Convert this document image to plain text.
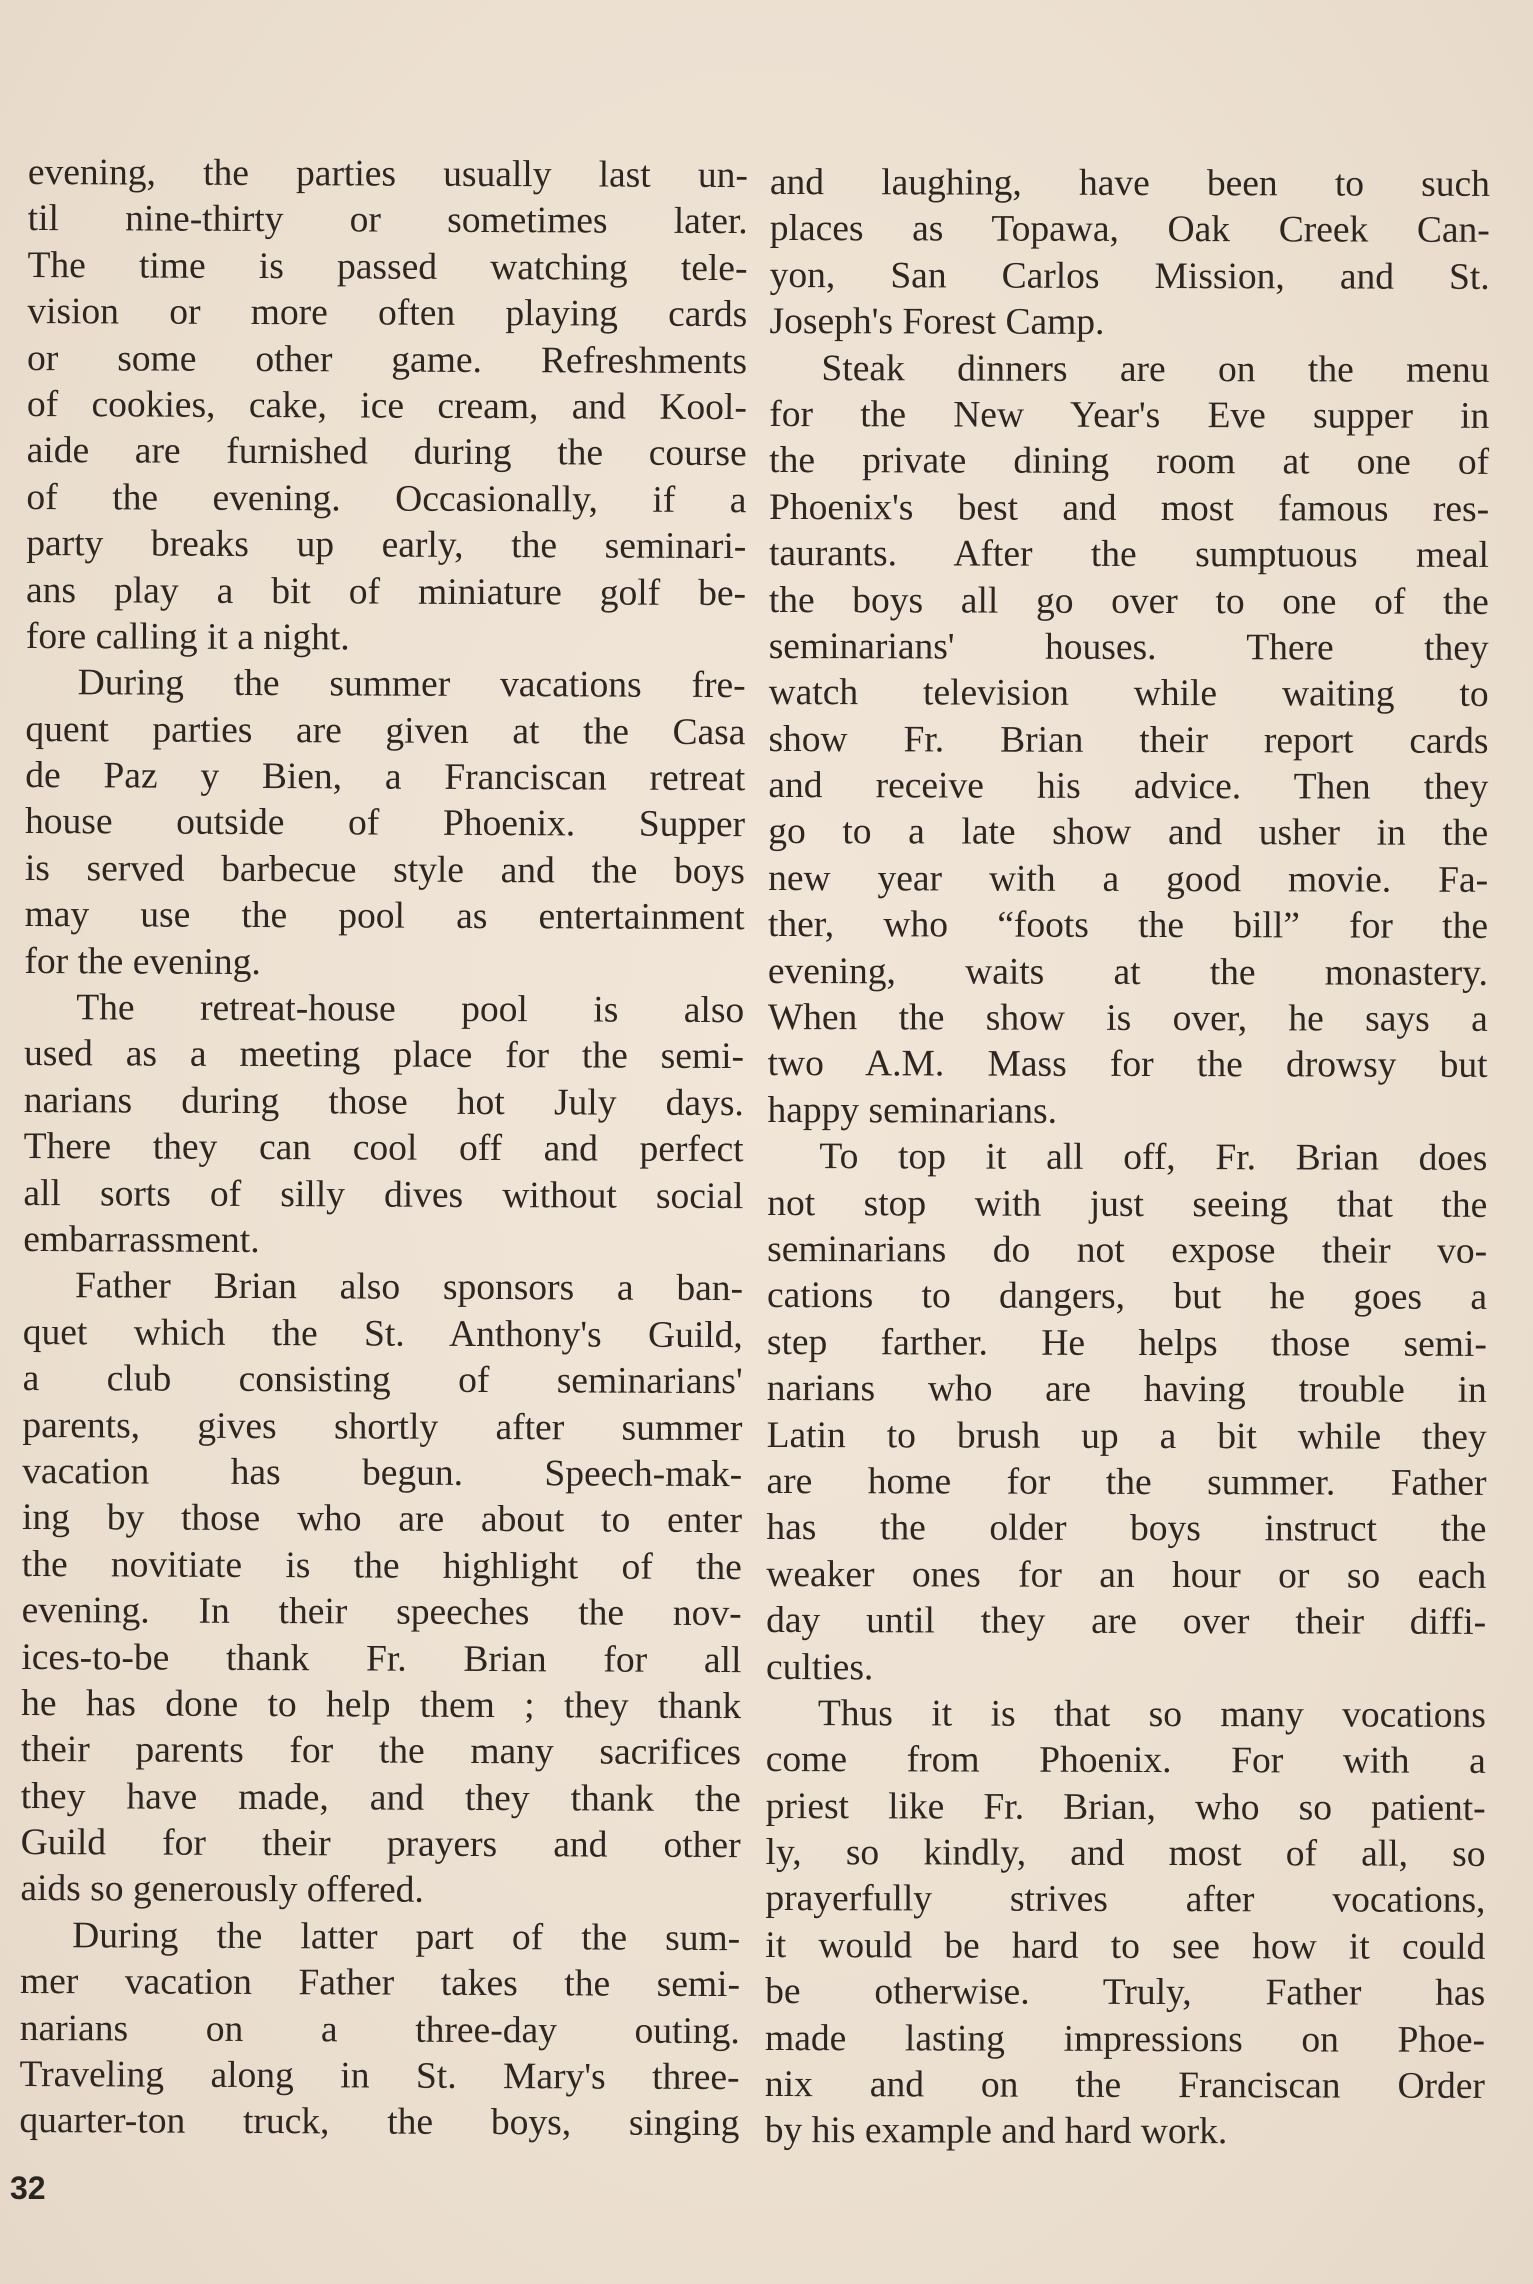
evening, the parties usually last un-
til nine-thirty or sometimes later.
The time is passed watching tele-
vision or more often playing cards
or some other game. Refreshments
of cookies, cake, ice cream, and Kool-
aide are furnished during the course
of the evening. Occasionally, if a
party breaks up early, the seminari-
ans play a bit of miniature golf be-
fore calling it a night.
During the summer vacations fre-
quent parties are given at the Casa
de Paz y Bien, a Franciscan retreat
house outside of Phoenix. Supper
is served barbecue style and the boys
may use the pool as entertainment
for the evening.
The retreat-house pool is also
used as a meeting place for the semi-
narians during those hot July days.
There they can cool off and perfect
all sorts of silly dives without social
embarrassment.
Father Brian also sponsors a ban-
quet which the St. Anthony's Guild,
a club consisting of seminarians'
parents, gives shortly after summer
vacation has begun. Speech-mak-
ing by those who are about to enter
the novitiate is the highlight of the
evening. In their speeches the nov-
ices-to-be thank Fr. Brian for all
he has done to help them ; they thank
their parents for the many sacrifices
they have made, and they thank the
Guild for their prayers and other
aids so generously offered.
During the latter part of the sum-
mer vacation Father takes the semi-
narians on a three-day outing.
Traveling along in St. Mary's three-
quarter-ton truck, the boys, singing
and laughing, have been to such
places as Topawa, Oak Creek Can-
yon, San Carlos Mission, and St.
Joseph's Forest Camp.
Steak dinners are on the menu
for the New Year's Eve supper in
the private dining room at one of
Phoenix's best and most famous res-
taurants. After the sumptuous meal
the boys all go over to one of the
seminarians' houses. There they
watch television while waiting to
show Fr. Brian their report cards
and receive his advice. Then they
go to a late show and usher in the
new year with a good movie. Fa-
ther, who “foots the bill” for the
evening, waits at the monastery.
When the show is over, he says a
two A.M. Mass for the drowsy but
happy seminarians.
To top it all off, Fr. Brian does
not stop with just seeing that the
seminarians do not expose their vo-
cations to dangers, but he goes a
step farther. He helps those semi-
narians who are having trouble in
Latin to brush up a bit while they
are home for the summer. Father
has the older boys instruct the
weaker ones for an hour or so each
day until they are over their diffi-
culties.
Thus it is that so many vocations
come from Phoenix. For with a
priest like Fr. Brian, who so patient-
ly, so kindly, and most of all, so
prayerfully strives after vocations,
it would be hard to see how it could
be otherwise. Truly, Father has
made lasting impressions on Phoe-
nix and on the Franciscan Order
by his example and hard work.
32
